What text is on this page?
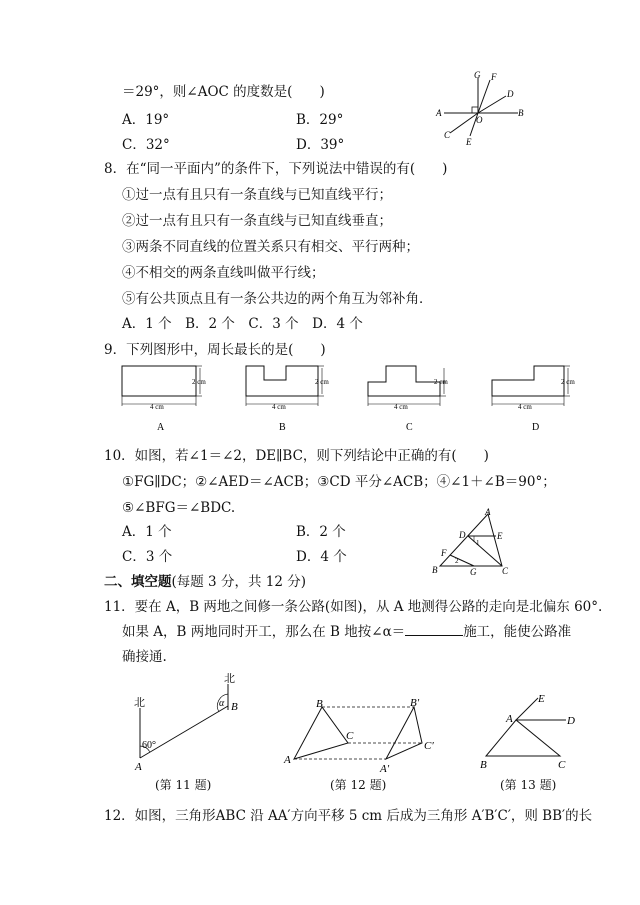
＝29°，则∠AOC 的度数是(　　)
A．19°	B．29°
C．32°	D．39°
G F
D
A
O
B
C
E
8．在“同一平面内”的条件下，下列说法中错误的有(　　)
①过一点有且只有一条直线与已知直线平行；
②过一点有且只有一条直线与已知直线垂直；
③两条不同直线的位置关系只有相交、平行两种；
④不相交的两条直线叫做平行线；
⑤有公共顶点且有一条公共边的两个角互为邻补角．
A．1 个　B．2 个　C．3 个　D．4 个
9．下列图形中，周长最长的是(　　)
2 cm
4 cm
A
2 cm
4 cm
B
2 cm
4 cm
C
2 cm
4 cm
D
10．如图，若∠1＝∠2，DE∥BC，则下列结论中正确的有(　　)
①FG∥DC；②∠AED＝∠ACB；③CD 平分∠ACB；④∠1＋∠B＝90°；
⑤∠BFG＝∠BDC.
A．1 个	B．2 个
C．3 个	D．4 个
A
D
1
E
F
2
B	G	C
二、填空题(每题 3 分，共 12 分)
11．要在 A，B 两地之间修一条公路(如图)，从 A 地测得公路的走向是北偏东 60°.
如果 A，B 两地同时开工，那么在 B 地按∠α＝	施工，能使公路准
确接通.
北
北
α B
60°
A
(第 11 题)
B	B′
C
C′
A
A′
(第 12 题)
E
A	D
B	C
(第 13 题)
12．如图，三角形ABC 沿 AA′方向平移 5 cm 后成为三角形 A′B′C′，则 BB′的长
